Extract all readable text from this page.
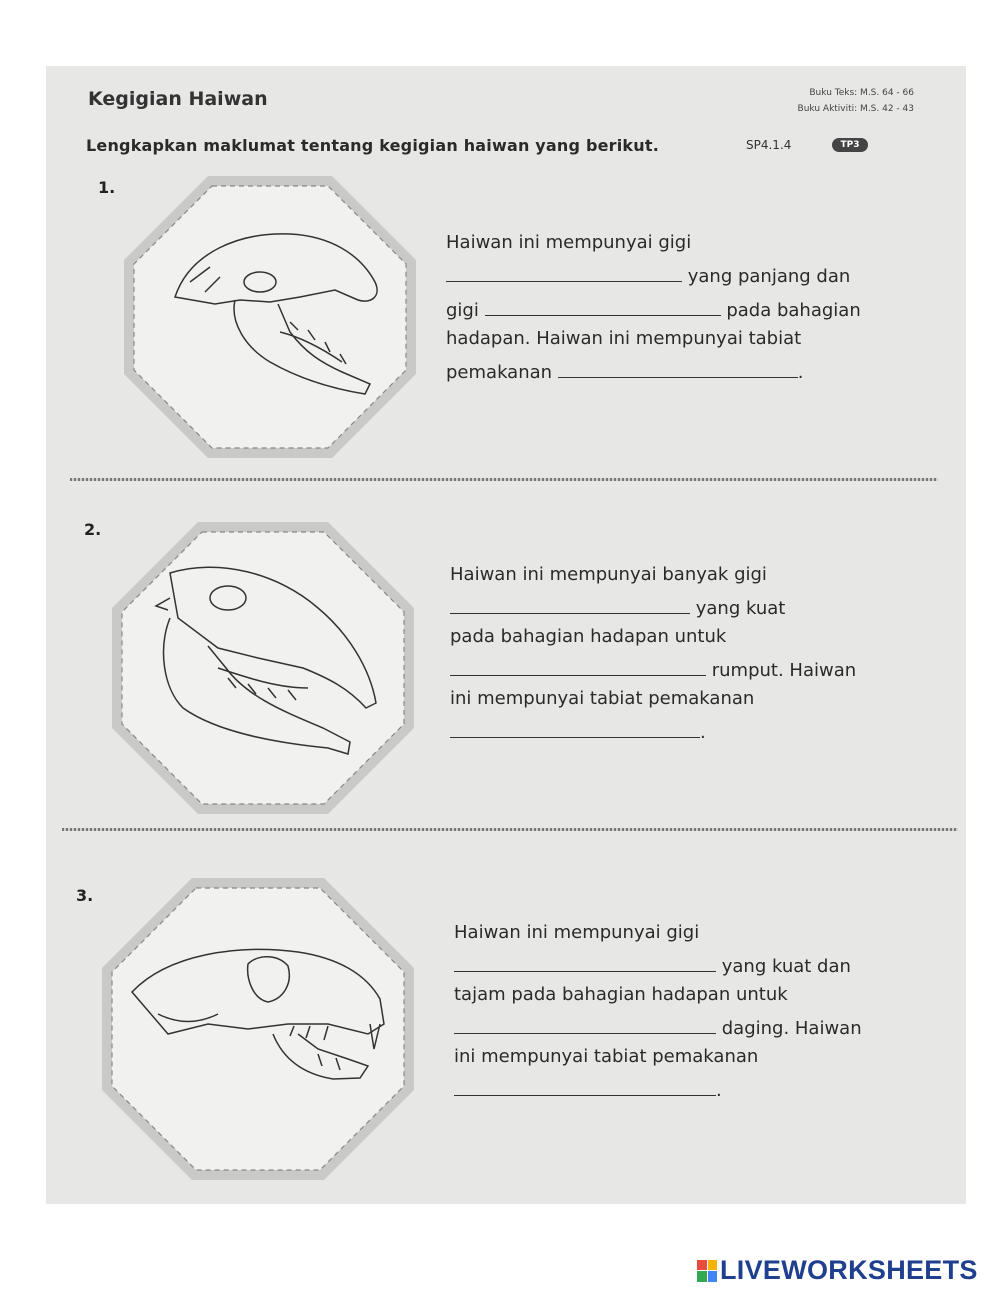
Kegigian Haiwan	Buku Teks: M.S. 64 - 66
Buku Aktiviti: M.S. 42 - 43
Lengkapkan maklumat tentang kegigian haiwan yang berikut.	SP4.1.4	TP3
1.
Haiwan ini mempunyai gigi
yang panjang dan
gigi	pada bahagian
hadapan. Haiwan ini mempunyai tabiat
pemakanan	.
2.
Haiwan ini mempunyai banyak gigi
yang kuat
pada bahagian hadapan untuk
rumput. Haiwan
ini mempunyai tabiat pemakanan
.
3.
Haiwan ini mempunyai gigi
yang kuat dan
tajam pada bahagian hadapan untuk
daging. Haiwan
ini mempunyai tabiat pemakanan
.
LIVEWORKSHEETS
